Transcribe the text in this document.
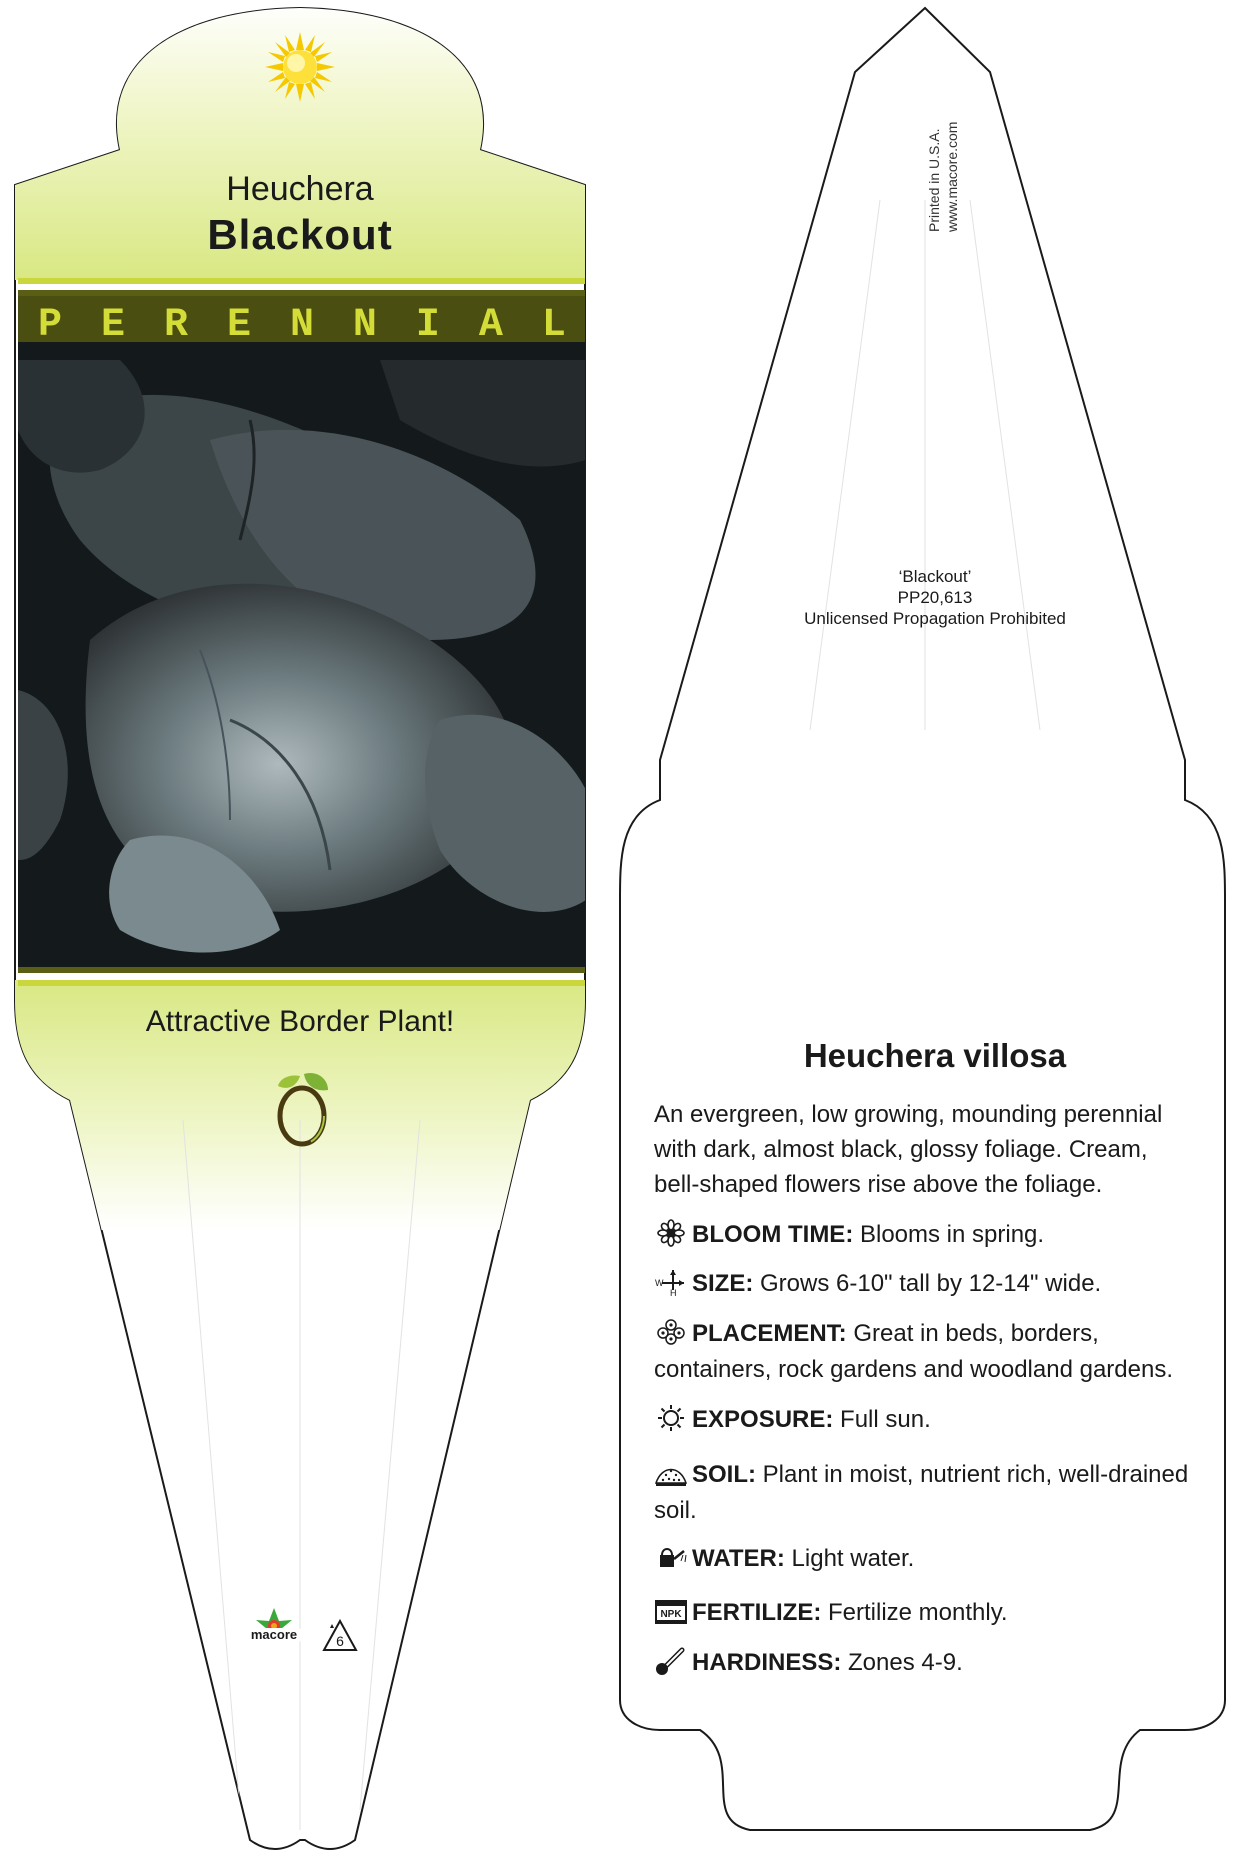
Heuchera
Blackout
P E R E N N I A L
Attractive Border Plant!
macore	6
Printed in U.S.A. www.macore.com
‘Blackout’
PP20,613
Unlicensed Propagation Prohibited
Heuchera villosa
An evergreen, low growing, mounding perennial with dark, almost black, glossy foliage. Cream, bell-shaped flowers rise above the foliage.
BLOOM TIME: Blooms in spring.
W
H SIZE: Grows 6-10" tall by 12-14" wide.
PLACEMENT: Great in beds, borders, containers, rock gardens and woodland gardens.
EXPOSURE: Full sun.
SOIL: Plant in moist, nutrient rich, well-drained soil.
WATER: Light water.
NPK FERTILIZE: Fertilize monthly.
HARDINESS: Zones 4-9.
